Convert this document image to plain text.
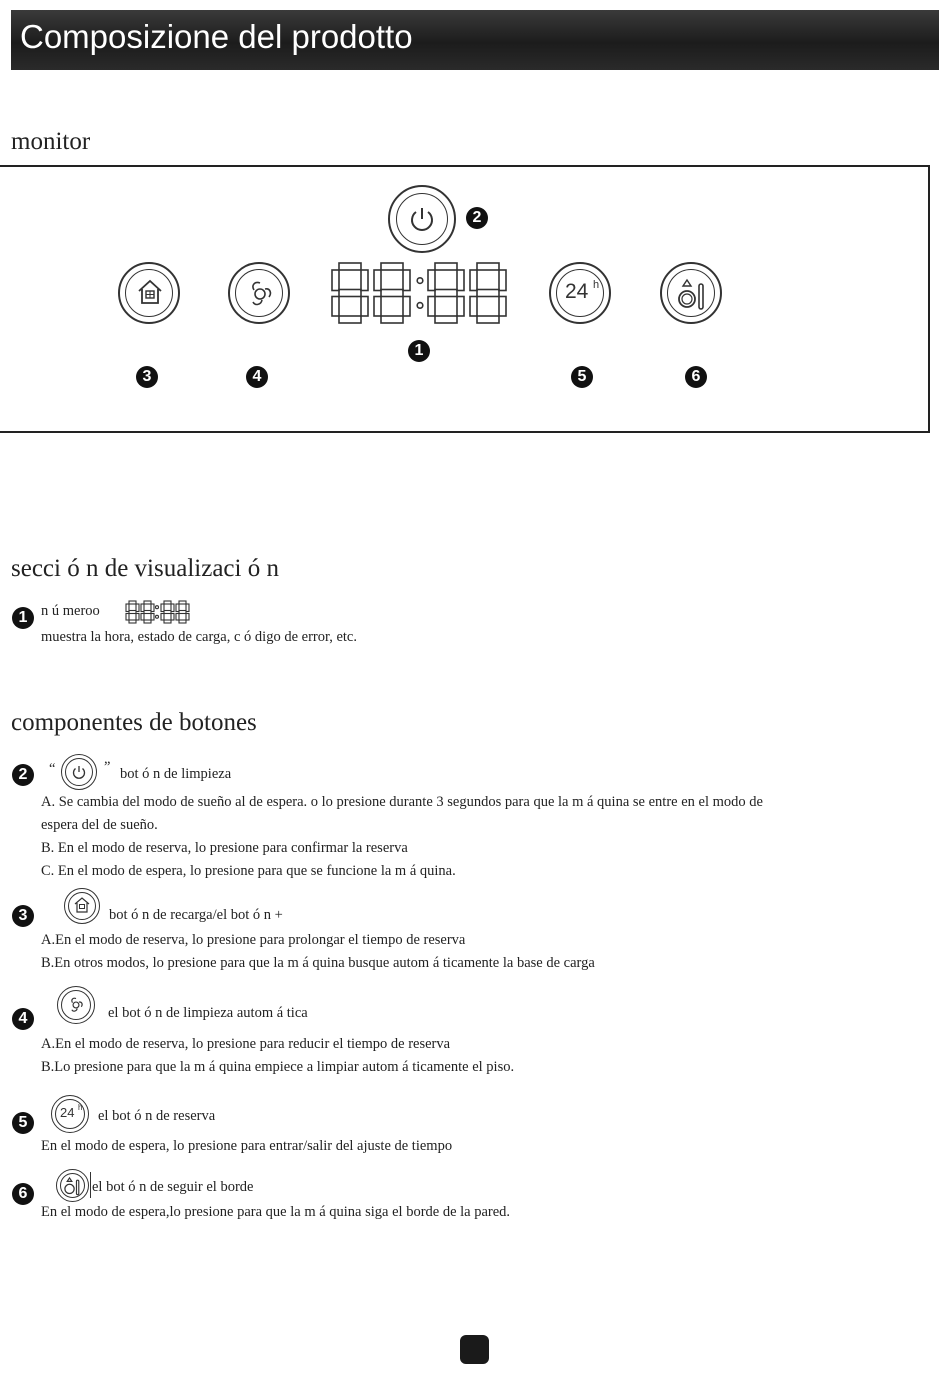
Composizione del prodotto
monitor
2
1
24 h
3	4	5	6
secci ó n de visualizaci ó n
1 n ú meroo
muestra la hora, estado de carga, c ó digo de error, etc.
componentes de botones
2	“	” bot ó n de limpieza
A. Se cambia del modo de sueño al de espera. o lo presione durante 3 segundos para que la m á quina se entre en el modo de
espera del de sueño.
B. En el modo de reserva, lo presione para confirmar la reserva
C. En el modo de espera, lo presione para que se funcione la m á quina.
3	bot ó n de recarga/el bot ó n +
A.En el modo de reserva, lo presione para prolongar el tiempo de reserva
B.En otros modos, lo presione para que la m á quina busque autom á ticamente la base de carga
4	el bot ó n de limpieza autom á tica
A.En el modo de reserva, lo presione para reducir el tiempo de reserva
B.Lo presione para que la m á quina empiece a limpiar autom á ticamente el piso.
5
24 h
el bot ó n de reserva
En el modo de espera, lo presione para entrar/salir del ajuste de tiempo
6	el bot ó n de seguir el borde
En el modo de espera,lo presione para que la m á quina siga el borde de la pared.
